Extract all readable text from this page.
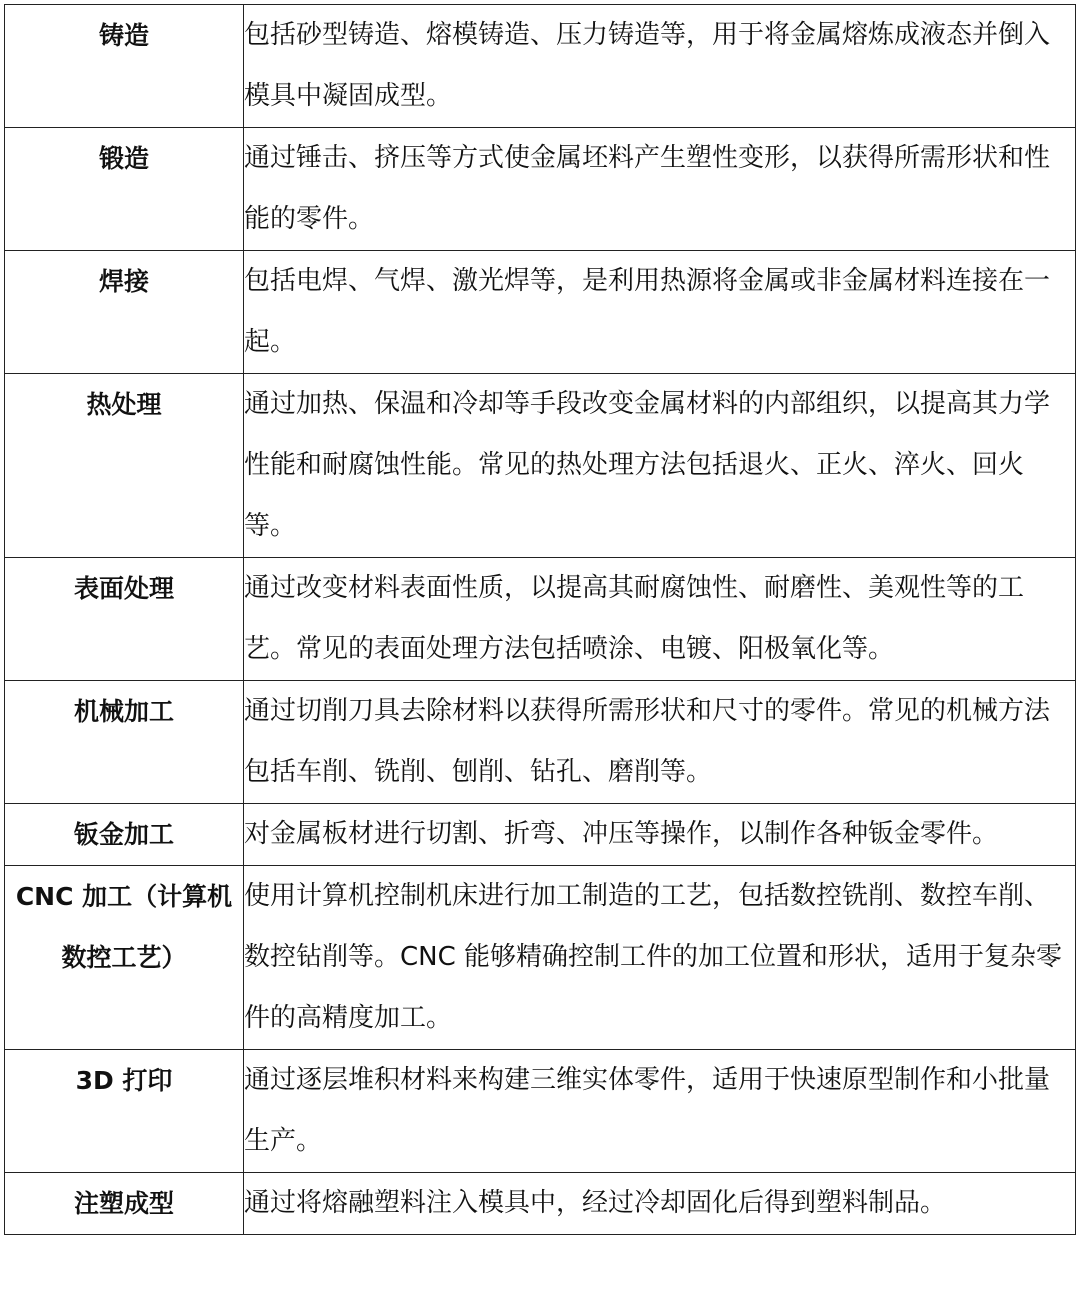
铸造	包括砂型铸造、熔模铸造、压力铸造等，用于将金属熔炼成液态并倒入模具中凝固成型。
锻造	通过锤击、挤压等方式使金属坯料产生塑性变形，以获得所需形状和性能的零件。
焊接	包括电焊、气焊、激光焊等，是利用热源将金属或非金属材料连接在一起。
热处理	通过加热、保温和冷却等手段改变金属材料的内部组织，以提高其力学性能和耐腐蚀性能。常见的热处理方法包括退火、正火、淬火、回火等。
表面处理	通过改变材料表面性质，以提高其耐腐蚀性、耐磨性、美观性等的工艺。常见的表面处理方法包括喷涂、电镀、阳极氧化等。
机械加工	通过切削刀具去除材料以获得所需形状和尺寸的零件。常见的机械方法包括车削、铣削、刨削、钻孔、磨削等。
钣金加工	对金属板材进行切割、折弯、冲压等操作，以制作各种钣金零件。
CNC 加工（计算机数控工艺）	使用计算机控制机床进行加工制造的工艺，包括数控铣削、数控车削、数控钻削等。CNC 能够精确控制工件的加工位置和形状，适用于复杂零件的高精度加工。
3D 打印	通过逐层堆积材料来构建三维实体零件，适用于快速原型制作和小批量生产。
注塑成型	通过将熔融塑料注入模具中，经过冷却固化后得到塑料制品。
